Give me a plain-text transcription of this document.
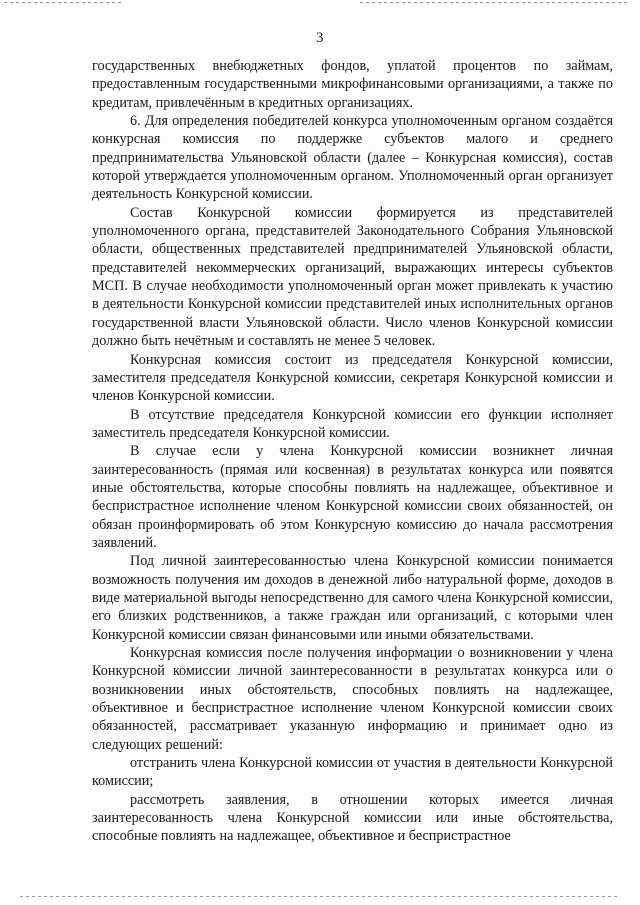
3

государственных внебюджетных фондов, уплатой процентов по займам, предоставленным государственными микрофинансовыми организациями, а также по кредитам, привлечённым в кредитных организациях.

6. Для определения победителей конкурса уполномоченным органом создаётся конкурсная комиссия по поддержке субъектов малого и среднего предпринимательства Ульяновской области (далее – Конкурсная комиссия), состав которой утверждается уполномоченным органом. Уполномоченный орган организует деятельность Конкурсной комиссии.

Состав Конкурсной комиссии формируется из представителей уполномоченного органа, представителей Законодательного Собрания Ульяновской области, общественных представителей предпринимателей Ульяновской области, представителей некоммерческих организаций, выражающих интересы субъектов МСП. В случае необходимости уполномоченный орган может привлекать к участию в деятельности Конкурсной комиссии представителей иных исполнительных органов государственной власти Ульяновской области. Число членов Конкурсной комиссии должно быть нечётным и составлять не менее 5 человек.

Конкурсная комиссия состоит из председателя Конкурсной комиссии, заместителя председателя Конкурсной комиссии, секретаря Конкурсной комиссии и членов Конкурсной комиссии.

В отсутствие председателя Конкурсной комиссии его функции исполняет заместитель председателя Конкурсной комиссии.

В случае если у члена Конкурсной комиссии возникнет личная заинтересованность (прямая или косвенная) в результатах конкурса или появятся иные обстоятельства, которые способны повлиять на надлежащее, объективное и беспристрастное исполнение членом Конкурсной комиссии своих обязанностей, он обязан проинформировать об этом Конкурсную комиссию до начала рассмотрения заявлений.

Под личной заинтересованностью члена Конкурсной комиссии понимается возможность получения им доходов в денежной либо натуральной форме, доходов в виде материальной выгоды непосредственно для самого члена Конкурсной комиссии, его близких родственников, а также граждан или организаций, с которыми член Конкурсной комиссии связан финансовыми или иными обязательствами.

Конкурсная комиссия после получения информации о возникновении у члена Конкурсной комиссии личной заинтересованности в результатах конкурса или о возникновении иных обстоятельств, способных повлиять на надлежащее, объективное и беспристрастное исполнение членом Конкурсной комиссии своих обязанностей, рассматривает указанную информацию и принимает одно из следующих решений:

отстранить члена Конкурсной комиссии от участия в деятельности Конкурсной комиссии;

рассмотреть заявления, в отношении которых имеется личная заинтересованность члена Конкурсной комиссии или иные обстоятельства, способные повлиять на надлежащее, объективное и беспристрастное
